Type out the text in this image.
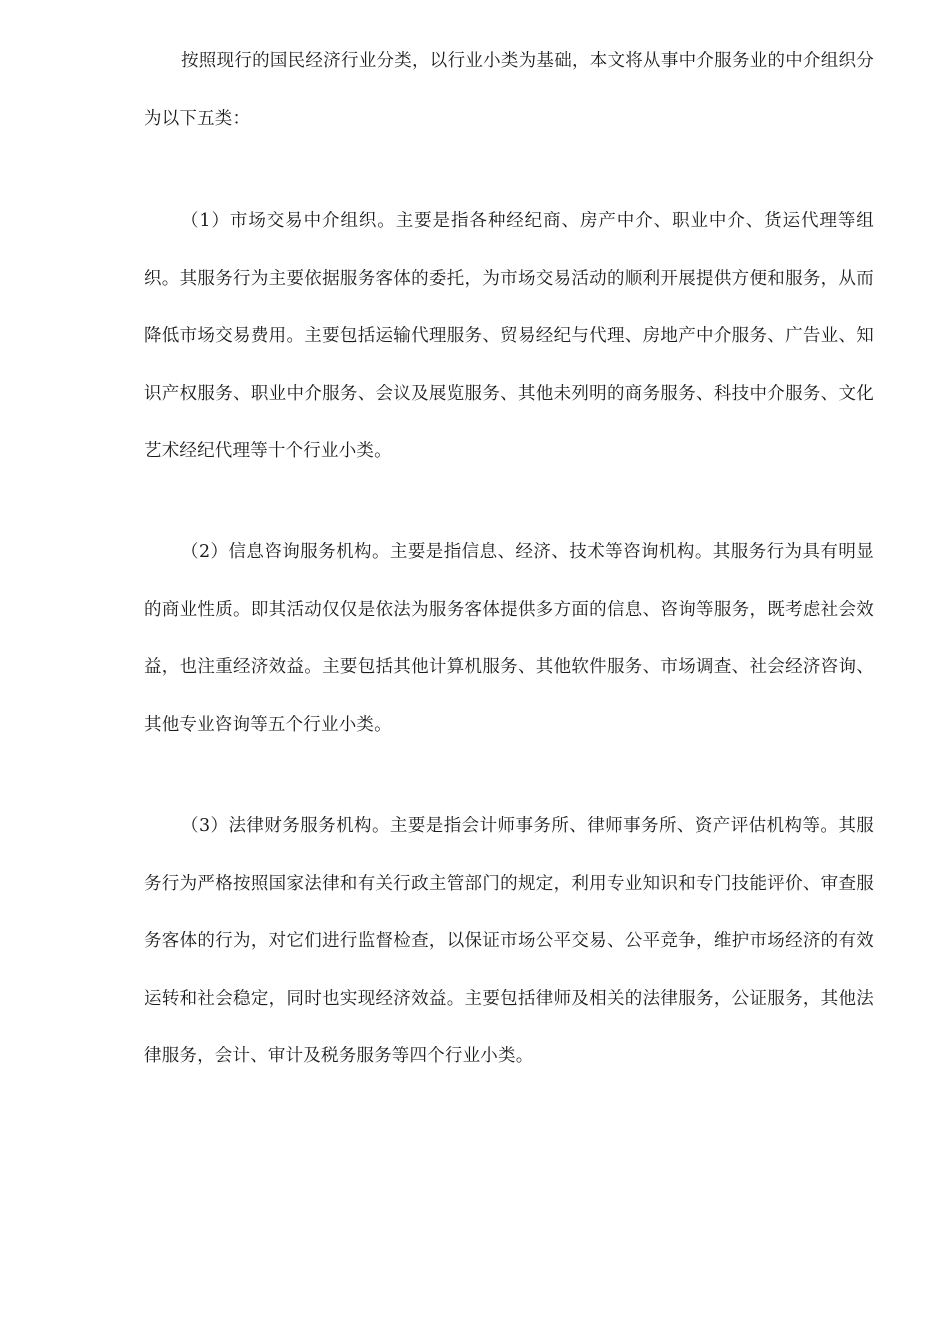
按照现行的国民经济行业分类，以行业小类为基础，本文将从事中介服务业的中介组织分为以下五类：

（1）市场交易中介组织。主要是指各种经纪商、房产中介、职业中介、货运代理等组织。其服务行为主要依据服务客体的委托，为市场交易活动的顺利开展提供方便和服务，从而降低市场交易费用。主要包括运输代理服务、贸易经纪与代理、房地产中介服务、广告业、知识产权服务、职业中介服务、会议及展览服务、其他未列明的商务服务、科技中介服务、文化艺术经纪代理等十个行业小类。

（2）信息咨询服务机构。主要是指信息、经济、技术等咨询机构。其服务行为具有明显的商业性质。即其活动仅仅是依法为服务客体提供多方面的信息、咨询等服务，既考虑社会效益，也注重经济效益。主要包括其他计算机服务、其他软件服务、市场调查、社会经济咨询、其他专业咨询等五个行业小类。

（3）法律财务服务机构。主要是指会计师事务所、律师事务所、资产评估机构等。其服务行为严格按照国家法律和有关行政主管部门的规定，利用专业知识和专门技能评价、审查服务客体的行为，对它们进行监督检查，以保证市场公平交易、公平竞争，维护市场经济的有效运转和社会稳定，同时也实现经济效益。主要包括律师及相关的法律服务，公证服务，其他法律服务，会计、审计及税务服务等四个行业小类。
